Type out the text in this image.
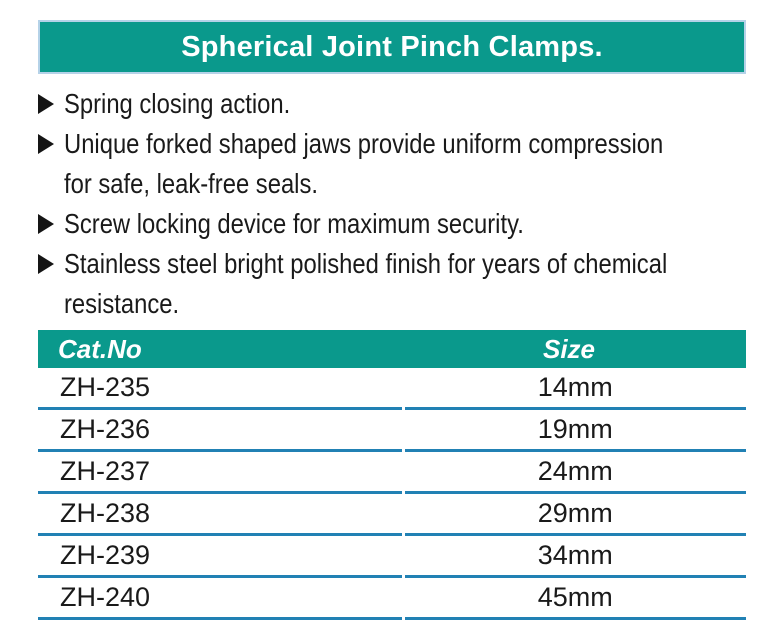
Spherical Joint Pinch Clamps.
Spring closing action.
Unique forked shaped jaws provide uniform compression
for safe, leak-free seals.
Screw locking device for maximum security.
Stainless steel bright polished finish for years of chemical
resistance.
Cat.No	Size
ZH-235	14mm
ZH-236	19mm
ZH-237	24mm
ZH-238	29mm
ZH-239	34mm
ZH-240	45mm
